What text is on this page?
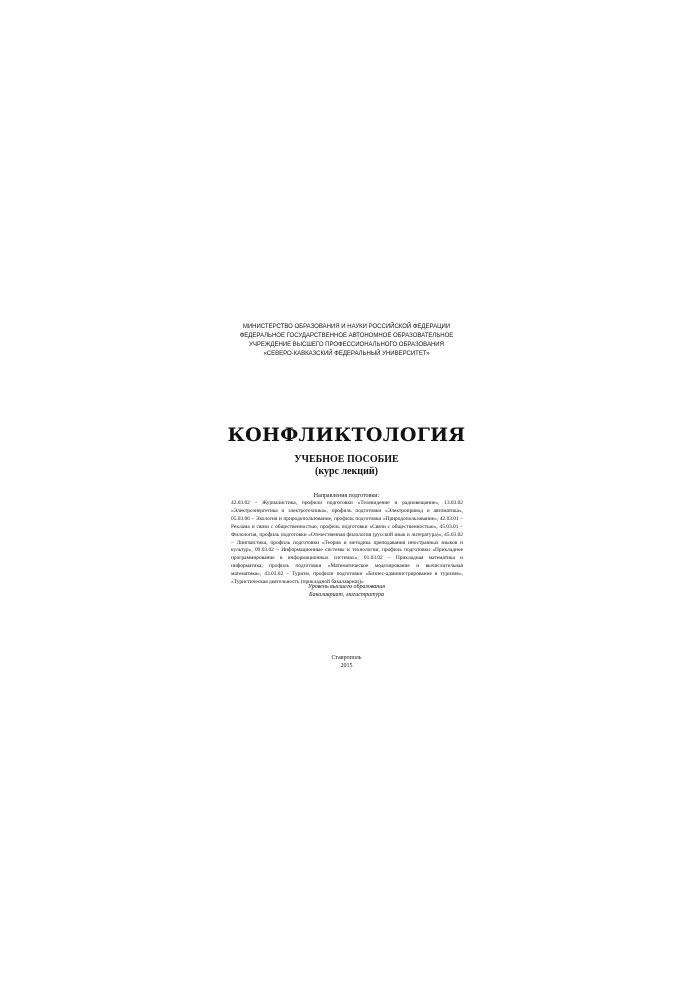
МИНИСТЕРСТВО ОБРАЗОВАНИЯ И НАУКИ РОССИЙСКОЙ ФЕДЕРАЦИИ
ФЕДЕРАЛЬНОЕ ГОСУДАРСТВЕННОЕ АВТОНОМНОЕ ОБРАЗОВАТЕЛЬНОЕ
УЧРЕЖДЕНИЕ ВЫСШЕГО ПРОФЕССИОНАЛЬНОГО ОБРАЗОВАНИЯ
«СЕВЕРО-КАВКАЗСКИЙ ФЕДЕРАЛЬНЫЙ УНИВЕРСИТЕТ»
КОНФЛИКТОЛОГИЯ
УЧЕБНОЕ ПОСОБИЕ
(курс лекций)
Направления подготовки:
42.03.02 – Журналистика, профили подготовки «Телевидение и радиовещание», 13.03.02 «Электроэнергетика и электротехника», профиль подготовки «Электропривод и автоматика», 05.03.06 – Экология и природопользование, профиль подготовки «Природопользование», 42.03.01 – Реклама и связи с общественностью, профиль подготовки «Связи с общественностью», 45.03.01 – Филология, профиль подготовки «Отечественная филология (русский язык и литература)», 45.03.02 – Лингвистика, профиль подготовки «Теория и методика преподавания иностранных языков и культур», 09.03.02 – Информационные системы и технологии, профиль подготовки «Прикладное программирование в информационных системах», 01.03.02 – Прикладная математика и информатика, профиль подготовки «Математическое моделирование и вычислительная математика», 43.03.02 – Туризм, профили подготовки «Бизнес-администрирование в туризме», «Туристическая деятельность (прикладной бакалавриат)»
Уровень высшего образования
Бакалавриат, магистратура
Ставрополь
2015
